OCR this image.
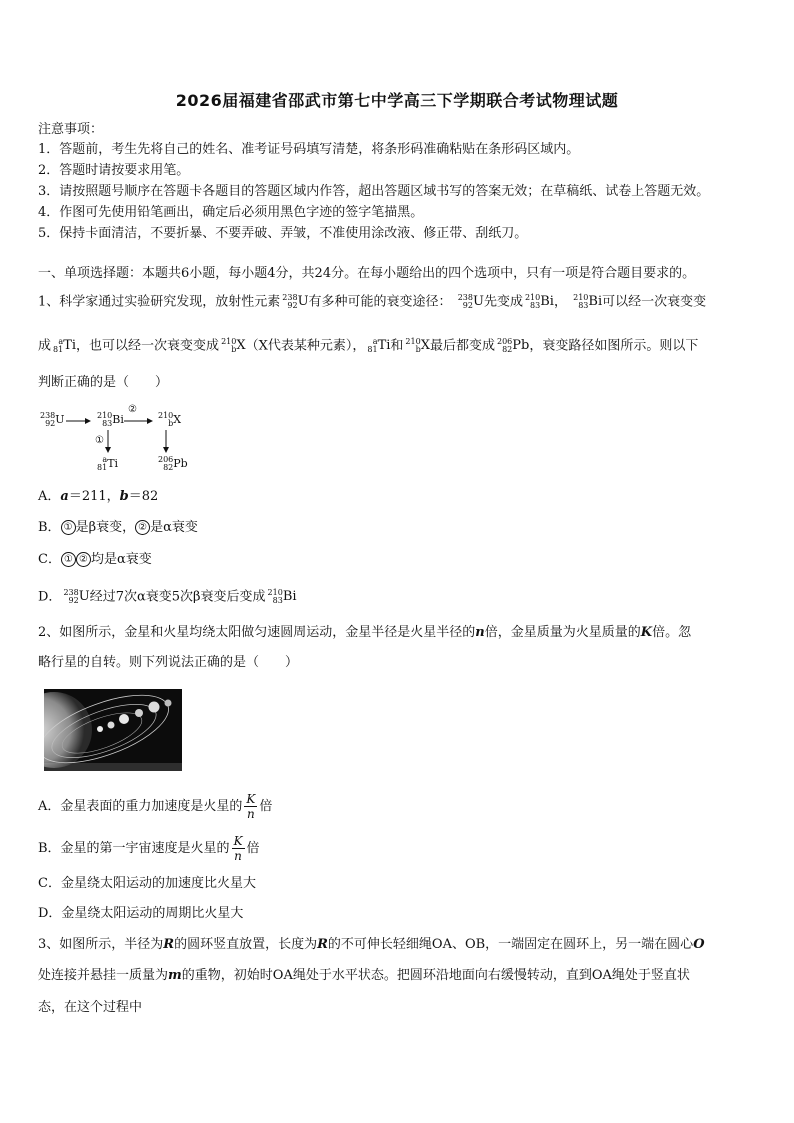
2026届福建省邵武市第七中学高三下学期联合考试物理试题
注意事项：
1．答题前，考生先将自己的姓名、准考证号码填写清楚，将条形码准确粘贴在条形码区域内。
2．答题时请按要求用笔。
3．请按照题号顺序在答题卡各题目的答题区域内作答，超出答题区域书写的答案无效；在草稿纸、试卷上答题无效。
4．作图可先使用铅笔画出，确定后必须用黑色字迹的签字笔描黑。
5．保持卡面清洁，不要折暴、不要弄破、弄皱，不准使用涂改液、修正带、刮纸刀。
一、单项选择题：本题共6小题，每小题4分，共24分。在每小题给出的四个选项中，只有一项是符合题目要求的。
1、科学家通过实验研究发现，放射性元素 238
92 U有多种可能的衰变途径： 238
92 U先变成 210
83 Bi， 210
83 Bi可以经一次衰变变
成 a
81 Ti，也可以经一次衰变变成 210
b X（X代表某种元素）， a
81 Ti和 210
b X最后都变成 206
82 Pb，衰变路径如图所示。则以下
判断正确的是（　　）
238
92 U	210
83 Bi	210
b X
a
81 Ti	206
82 Pb
②
①
A．a＝211，b＝82
B． ① 是β衰变， ② 是α衰变
C． ① ② 均是α衰变
D． 238
92 U经过7次α衰变5次β衰变后变成 210
83 Bi
2、如图所示，金星和火星均绕太阳做匀速圆周运动，金星半径是火星半径的n倍，金星质量为火星质量的K倍。忽
略行星的自转。则下列说法正确的是（　　）
A．金星表面的重力加速度是火星的 $\frac{K}{n}$ 倍
B．金星的第一宇宙速度是火星的 $\frac{K}{n}$ 倍
C．金星绕太阳运动的加速度比火星大
D．金星绕太阳运动的周期比火星大
3、如图所示，半径为R的圆环竖直放置，长度为R的不可伸长轻细绳OA、OB，一端固定在圆环上，另一端在圆心O
处连接并悬挂一质量为m的重物，初始时OA绳处于水平状态。把圆环沿地面向右缓慢转动，直到OA绳处于竖直状
态，在这个过程中
